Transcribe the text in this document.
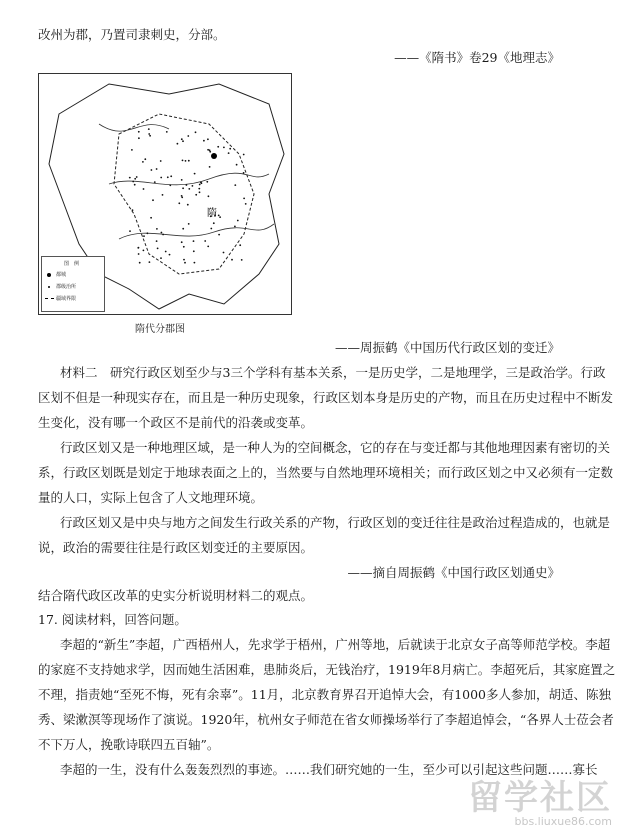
改州为郡，乃置司隶刺史，分部。
——《隋书》卷29《地理志》
隋
图　例
都城
郡级治所
疆域界限
隋代分郡图
——周振鹤《中国历代行政区划的变迁》
材料二　研究行政区划至少与3三个学科有基本关系，一是历史学，二是地理学，三是政治学。行政
区划不但是一种现实存在，而且是一种历史现象，行政区划本身是历史的产物，而且在历史过程中不断发
生变化，没有哪一个政区不是前代的沿袭或变革。
行政区划又是一种地理区域，是一种人为的空间概念，它的存在与变迁都与其他地理因素有密切的关
系，行政区划既是划定于地球表面之上的，当然要与自然地理环境相关；而行政区划之中又必须有一定数
量的人口，实际上包含了人文地理环境。
行政区划又是中央与地方之间发生行政关系的产物，行政区划的变迁往往是政治过程造成的，也就是
说，政治的需要往往是行政区划变迁的主要原因。
——摘自周振鹤《中国行政区划通史》
结合隋代政区改革的史实分析说明材料二的观点。
17. 阅读材料，回答问题。
李超的“新生”李超，广西梧州人，先求学于梧州，广州等地，后就读于北京女子高等师范学校。李超
的家庭不支持她求学，因而她生活困难，患肺炎后，无钱治疗，1919年8月病亡。李超死后，其家庭置之
不理，指责她“至死不悔，死有余辜”。11月，北京教育界召开追悼大会，有1000多人参加，胡适、陈独
秀、梁漱溟等现场作了演说。1920年，杭州女子师范在省女师操场举行了李超追悼会，“各界人士莅会者
不下万人，挽歌诗联四五百轴”。
李超的一生，没有什么轰轰烈烈的事迹。……我们研究她的一生，至少可以引起这些问题……寡长
留学社区
bbs.liuxue86.com
